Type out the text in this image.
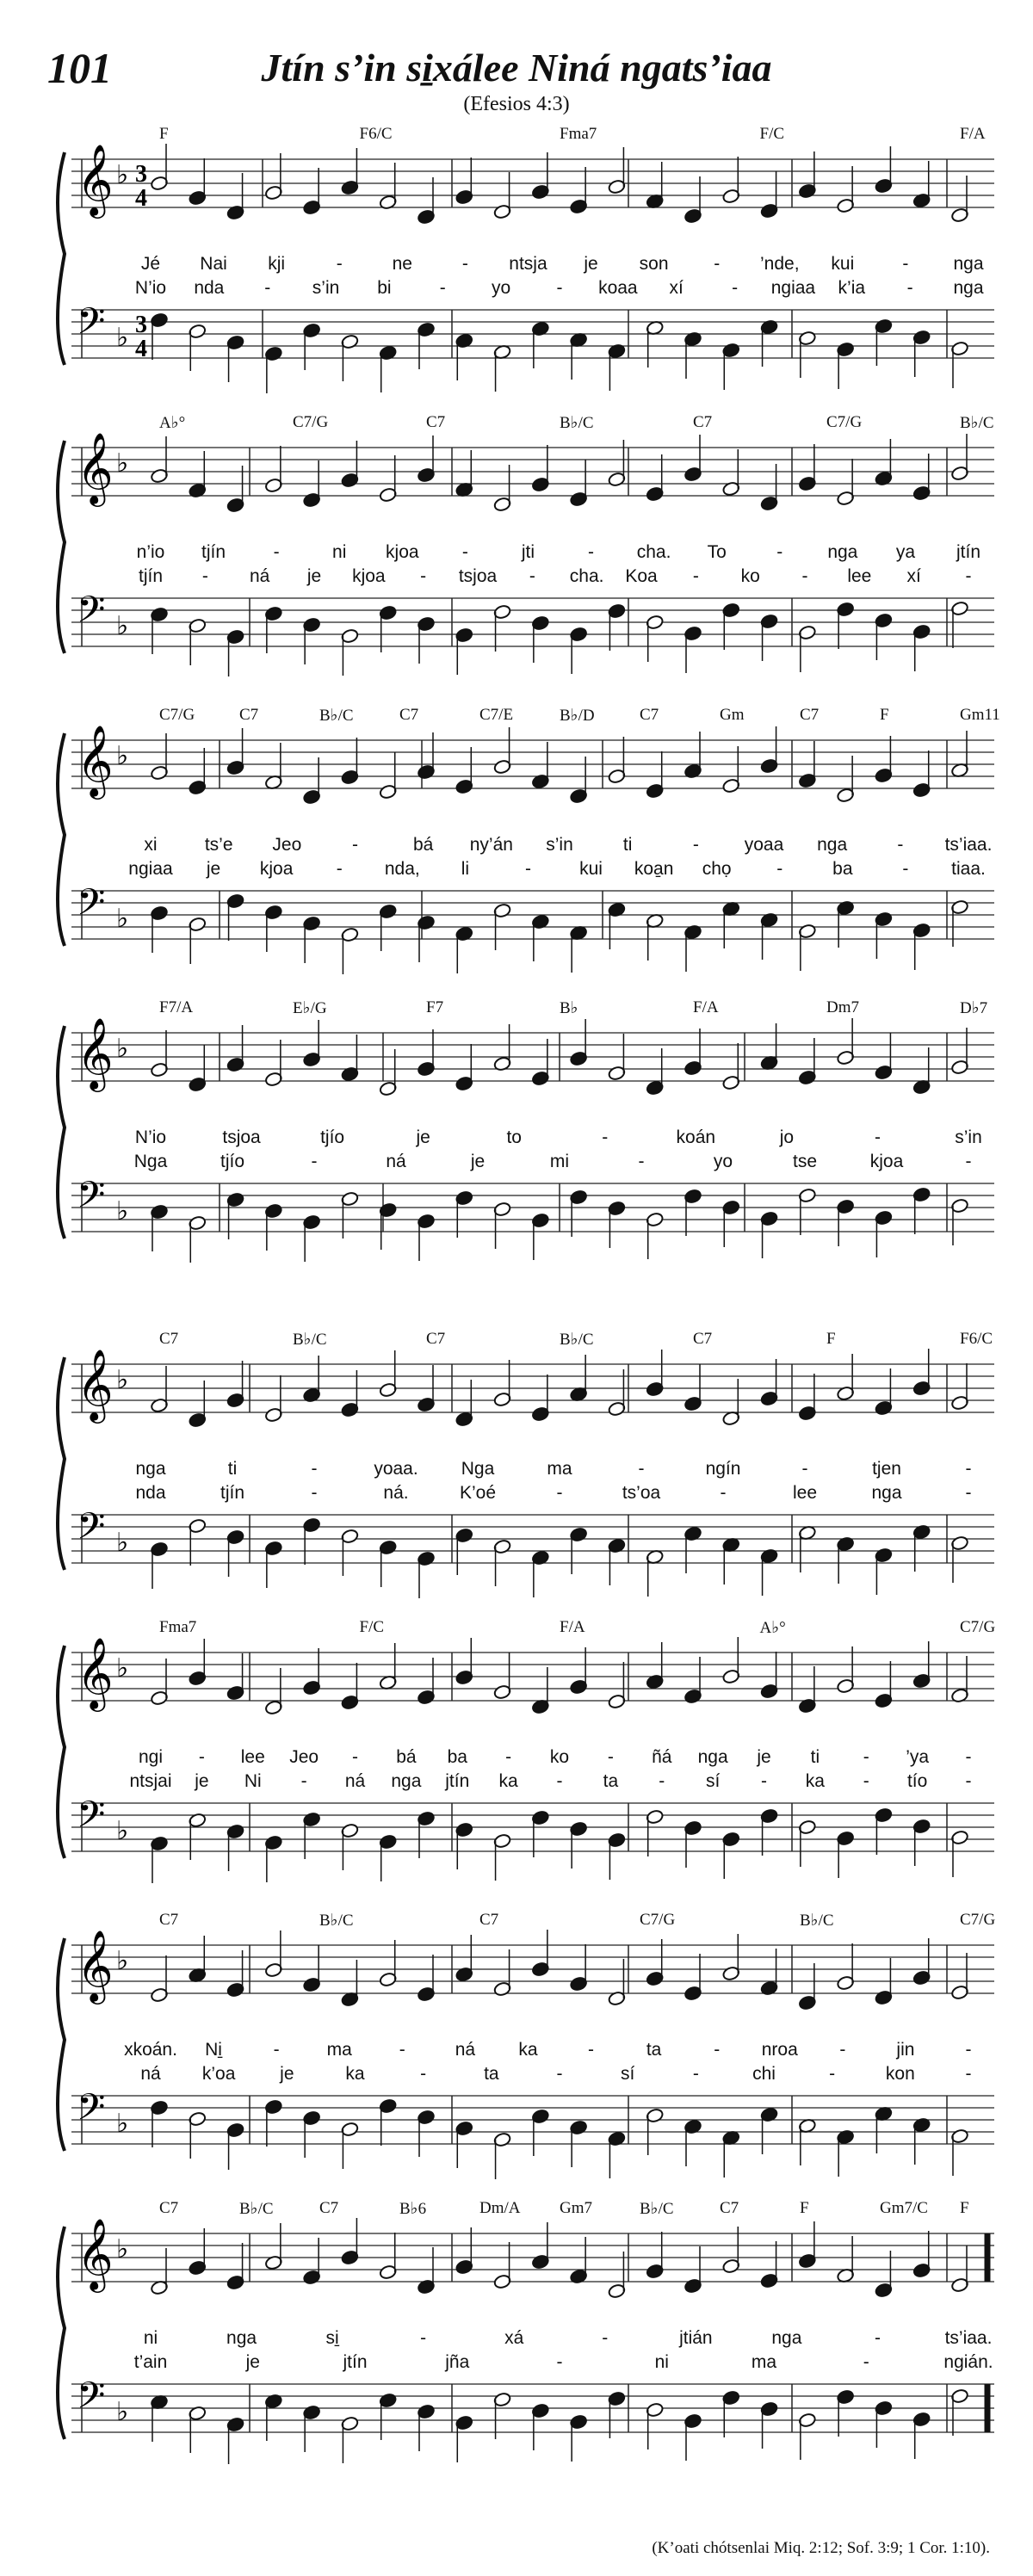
101	Jtín s’in si̱xálee Niná ngats’iaa
(Efesios 4:3)
𝄞 ♭ 3
4
𝄢 ♭ 3
4
F	F6/C	Fma7	F/C	F/A
Jé Nai kji	-	ne	- ntsja je son	- ’nde, kui	- nga
N’io nda - s’in bi	-	yo	- koaa xí	- ngiaa k’ia - nga
𝄞 ♭
𝄢 ♭
A♭°	C7/G	C7	B♭/C	C7	C7/G	B♭/C
n’io tjín	-	ni kjoa -	jti	- cha. To	- nga ya jtín
tjín - ná je kjoa - tsjoa - cha. Koa - ko - lee xí -
𝄞 ♭
𝄢 ♭
C7/G	C7	B♭/C	C7	C7/E	B♭/D	C7	Gm	C7	F	Gm11
xi	ts’e Jeo	-	bá ny’án s’in	ti	-	yoaa nga	- ts’iaa.
ngiaa je kjoa - nda, li	-	kui koa̱n chọ	-	ba	- tiaa.
𝄞 ♭
𝄢 ♭
F7/A	E♭/G	F7	B♭	F/A	Dm7	D♭7
N’io	tsjoa	tjío	je	to	-	koán	jo	-	s’in
Nga	tjío	-	ná	je	mi	-	yo	tse	kjoa	-
𝄞 ♭
𝄢 ♭
C7	B♭/C	C7	B♭/C	C7	F	F6/C
nga	ti	-	yoaa. Nga	ma	-	ngín	-	tjen	-
nda	tjín	-	ná.	K’oé	-	ts’oa	-	lee	nga	-
𝄞 ♭
𝄢 ♭
Fma7	F/C	F/A	A♭°	C7/G
ngi - lee Jeo - bá ba - ko - ñá nga je ti - ’ya -
ntsjai je Ni - ná nga jtín ka - ta - sí - ka - tío -
𝄞 ♭
𝄢 ♭
C7	B♭/C	C7	C7/G	B♭/C	C7/G
xkoán. Ni̱	-	ma	-	ná ka	-	ta	- nroa -	jin	-
ná k’oa je	ka	-	ta	-	sí	-	chi	-	kon	-
𝄞 ♭
𝄢 ♭
C7	B♭/C	C7	B♭6	Dm/A Gm7	B♭/C	C7	F	Gm7/C F
ni	nga	si̱	-	xá	-	jtián	nga	-	ts’iaa.
t’ain	je	jtín	jña	-	ni	ma	-	ngián.
(K’oati chótsenlai Miq. 2:12; Sof. 3:9; 1 Cor. 1:10).
